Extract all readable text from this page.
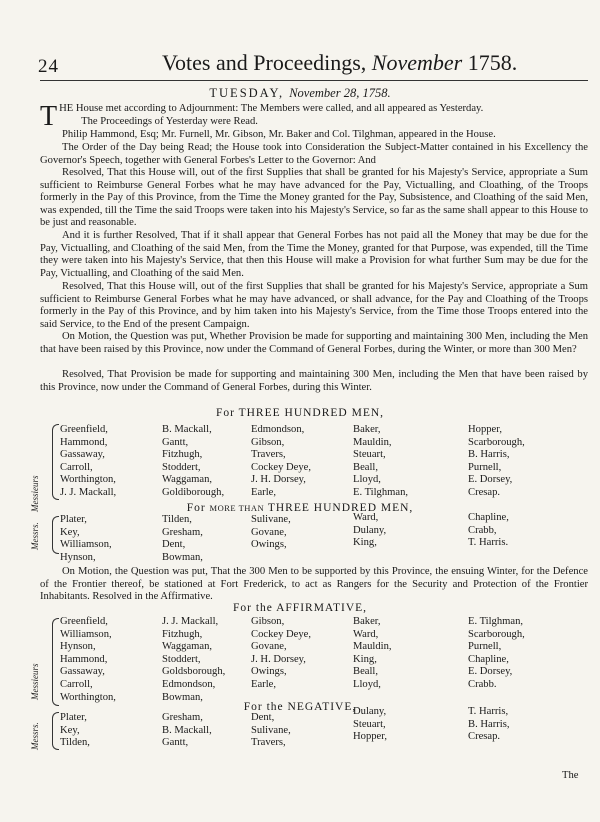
24	Votes and Proceedings, November 1758.
TUESDAY, November 28, 1758.

THE House met according to Adjournment: The Members were called, and all appeared as Yesterday.
The Proceedings of Yesterday were Read.

Philip Hammond, Esq; Mr. Furnell, Mr. Gibson, Mr. Baker and Col. Tilghman, appeared in the House.

The Order of the Day being Read; the House took into Consideration the Subject-Matter contained in his Excellency the Governor's Speech, together with General Forbes's Letter to the Governor: And

Resolved, That this House will, out of the first Supplies that shall be granted for his Majesty's Service, appropriate a Sum sufficient to Reimburse General Forbes what he may have advanced for the Pay, Victualling, and Cloathing, of the Troops formerly in the Pay of this Province, from the Time the Money granted for the Pay, Subsistence, and Cloathing of the said Men, was expended, till the Time the said Troops were taken into his Majesty's Service, so far as the same shall appear to this House to be just and reasonable.

And it is further Resolved, That if it shall appear that General Forbes has not paid all the Money that may be due for the Pay, Victualling, and Cloathing of the said Men, from the Time the Money, granted for that Purpose, was expended, till the Time they were taken into his Majesty's Service, that then this House will make a Provision for what further Sum may be due for the Pay, Victualling, and Cloathing of the said Men.

Resolved, That this House will, out of the first Supplies that shall be granted for his Majesty's Service, appropriate a Sum sufficient to Reimburse General Forbes what he may have advanced, or shall advance, for the Pay and Cloathing of the Troops formerly in the Pay of this Province, and by him taken into his Majesty's Service, from the Time those Troops entered into the said Service, to the End of the present Campaign.

On Motion, the Question was put, Whether Provision be made for supporting and maintaining 300 Men, including the Men that have been raised by this Province, now under the Command of General Forbes, during the Winter, or more than 300 Men?

Resolved, That Provision be made for supporting and maintaining 300 Men, including the Men that have been raised by this Province, now under the Command of General Forbes, during this Winter.

For THREE HUNDRED MEN,
Messieurs
Greenfield,
Hammond,
Gassaway,
Carroll,
Worthington,
J. J. Mackall,
B. Mackall,
Gantt,
Fitzhugh,
Stoddert,
Waggaman,
Goldiborough,
Edmondson,
Gibson,
Travers,
Cockey Deye,
J. H. Dorsey,
Earle,
Baker,
Mauldin,
Steuart,
Beall,
Lloyd,
E. Tilghman,
Hopper,
Scarborough,
B. Harris,
Purnell,
E. Dorsey,
Cresap.
For MORE THAN THREE HUNDRED MEN,
Messrs.
Plater,
Key,
Williamson,
Hynson,
Tilden,
Gresham,
Dent,
Bowman,
Sulivane,
Govane,
Owings,
Ward,
Dulany,
King,
Chapline,
Crabb,
T. Harris.

On Motion, the Question was put, That the 300 Men to be supported by this Province, the ensuing Winter, for the Defence of the Frontier thereof, be stationed at Fort Frederick, to act as Rangers for the Security and Protection of the Frontier Inhabitants. Resolved in the Affirmative.

For the AFFIRMATIVE,
Messieurs
Greenfield,
Williamson,
Hynson,
Hammond,
Gassaway,
Carroll,
Worthington,
J. J. Mackall,
Fitzhugh,
Waggaman,
Stoddert,
Goldsborough,
Edmondson,
Bowman,
Gibson,
Cockey Deye,
Govane,
J. H. Dorsey,
Owings,
Earle,
Baker,
Ward,
Mauldin,
King,
Beall,
Lloyd,
E. Tilghman,
Scarborough,
Purnell,
Chapline,
E. Dorsey,
Crabb.
For the NEGATIVE,
Messrs.
Plater,
Key,
Tilden,
Gresham,
B. Mackall,
Gantt,
Dent,
Sulivane,
Travers,
Dulany,
Steuart,
Hopper,
T. Harris,
B. Harris,
Cresap.
The
